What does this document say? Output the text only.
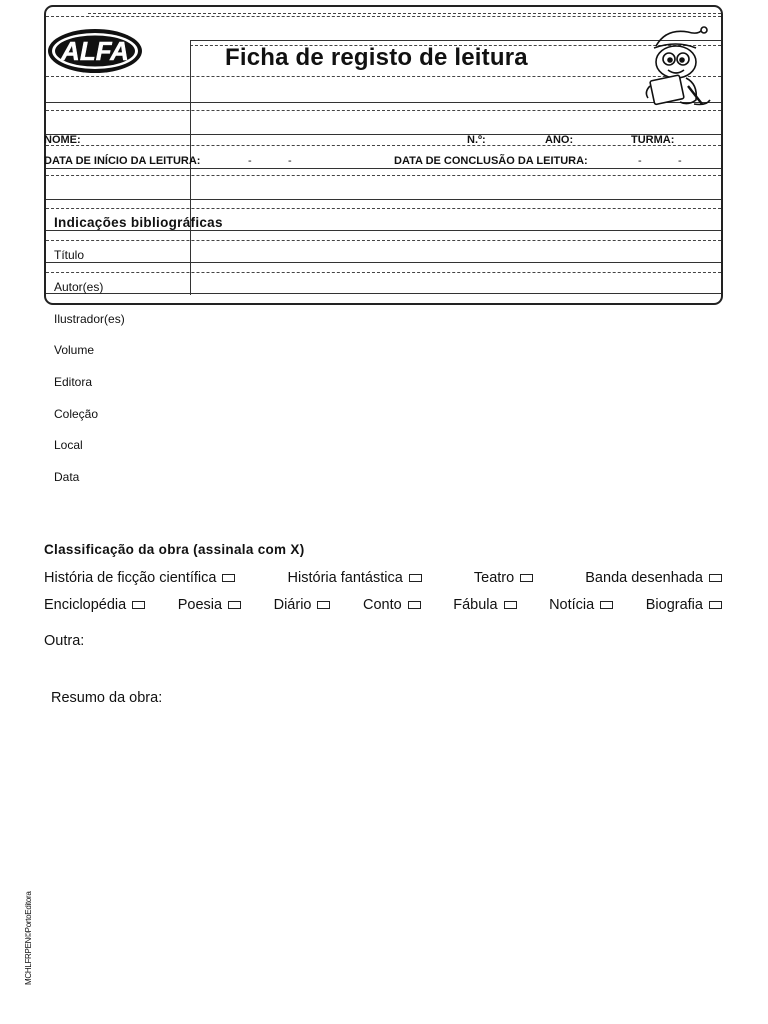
ALFA	Ficha de registo de leitura
NOME:	N.º:	ANO:	TURMA:
DATA DE INÍCIO DA LEITURA:	-	-	DATA DE CONCLUSÃO DA LEITURA:	-	-
Indicações bibliográficas
Título
Autor(es)
Ilustrador(es)
Volume
Editora
Coleção
Local
Data
Classificação da obra (assinala com X)
História de ficção científica	História fantástica	Teatro	Banda desenhada
Enciclopédia	Poesia	Diário	Conto	Fábula	Notícia	Biografia
Outra:
Resumo da obra:
MCHLFRPEN©PortoEditora
